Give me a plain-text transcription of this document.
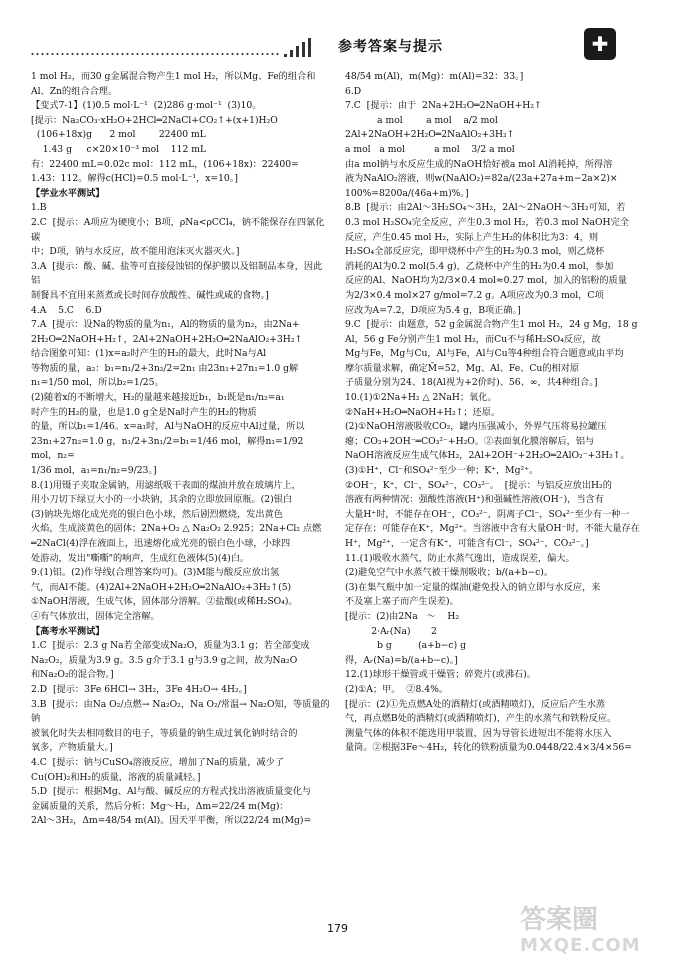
参考答案与提示	✚

1 mol H₂，而30 g金属混合物产生1 mol H₂，所以Mg、Fe的组合和

Al、Zn的组合合理。

【变式7-1】(1)0.5 mol·L⁻¹  (2)286 g·mol⁻¹  (3)10。

[提示：Na₂CO₃·xH₂O+2HCl═2NaCl+CO₂↑+(x+1)H₂O

(106+18x)g      2 mol        22400 mL

1.43 g     c×20×10⁻³ mol    112 mL

有：22400 mL=0.02c mol：112 mL，(106+18x)：22400=

1.43：112。解得c(HCl)=0.5 mol·L⁻¹，x=10。]

【学业水平测试】

1.B

2.C  [提示：A项应为硬度小；B项，ρNa<ρCCl₄，钠不能保存在四氯化碳

中；D项，钠与水反应，故不能用泡沫灭火器灭火。]

3.A  [提示：酸、碱、盐等可直接侵蚀铝的保护膜以及铝制品本身，因此铝

制餐具不宜用来蒸煮或长时间存放酸性、碱性或咸的食物。]

4.A    5.C    6.D

7.A  [提示：设Na的物质的量为n₁，Al的物质的量为n₂，由2Na+

2H₂O═2NaOH+H₂↑，2Al+2NaOH+2H₂O═2NaAlO₂+3H₂↑

结合图象可知：(1)x=a₂时产生的H₂的最大，此时Na与Al

等物质的量，a₂：b₁=n₁/2+3n₂/2=2n₁ 由23n₁+27n₁=1.0 g解

n₁=1/50 mol，所以b₂=1/25。

(2)随着x的不断增大，H₂的量越来越接近b₁，b₁既是n₁/n₂=a₁

时产生的H₂的量，也是1.0 g全是Na时产生的H₂的物质

的量，所以b₁=1/46。x=a₁时，Al与NaOH的反应中Al过量，所以

23n₁+27n₂=1.0 g，n₁/2+3n₁/2=b₁=1/46 mol，解得n₁=1/92 mol，n₂=

1/36 mol，a₁=n₁/n₂=9/23。]

8.(1)用镊子夹取金属钠，用滤纸吸干表面的煤油并放在玻璃片上，

用小刀切下绿豆大小的一小块钠，其余的立即放回原瓶。(2)银白

(3)钠块先熔化成光亮的银白色小球，然后剧烈燃烧，发出黄色

火焰，生成淡黄色的固体；2Na+O₂ △ Na₂O₂ 2.925；2Na+Cl₂ 点燃

═2NaCl(4)浮在液面上，迅速熔化成光亮的银白色小球，小球四

处游动，发出"嘶嘶"的响声，生成红色液体(5)(4)白。

9.(1)铝。(2)作导线(合理答案均可)。(3)M能与酸反应放出氢

气，而Al不能。(4)2Al+2NaOH+2H₂O═2NaAlO₂+3H₂↑(5)

①NaOH溶液，生成气体，固体部分溶解。②盐酸(或稀H₂SO₄)。

④有气体放出，固体完全溶解。

【高考水平测试】

1.C  [提示：2.3 g Na若全部变成Na₂O，质量为3.1 g；若全部变成

Na₂O₂，质量为3.9 g。3.5 g介于3.1 g与3.9 g之间，故为Na₂O

和Na₂O₂的混合物。]

2.D  [提示：3Fe 6HCl→ 3H₂，3Fe 4H₂O→ 4H₂。]

3.B  [提示：由Na O₂/点燃→ Na₂O₂，Na O₂/常温→ Na₂O知，等质量的钠

被氧化时失去相同数目的电子，等质量的钠生成过氧化钠时结合的

氧多，产物质量大。]

4.C  [提示：钠与CuSO₄溶液反应，增加了Na的质量，减少了

Cu(OH)₂和H₂的质量，溶液的质量减轻。]

5.D  [提示：根据Mg、Al与酸、碱反应的方程式找出溶液质量变化与

金属质量的关系，然后分析：Mg～H₂，Δm=22/24 m(Mg)：

2Al～3H₂，Δm=48/54 m(Al)。因天平平衡，所以22/24 m(Mg)=

48/54 m(Al)，m(Mg)：m(Al)=32：33。]

6.D

7.C  [提示：由于  2Na+2H₂O═2NaOH+H₂↑

a mol        a mol    a/2 mol

2Al+2NaOH+2H₂O═2NaAlO₂+3H₂↑

a mol   a mol          a mol    3/2 a mol

由a mol钠与水反应生成的NaOH恰好被a mol Al消耗掉，所得溶

液为NaAlO₂溶液，则w(NaAlO₂)=82a/(23a+27a+m−2a×2)×

100%=8200a/(46a+m)%。]

8.B  [提示：由2Al～3H₂SO₄～3H₂，2Al～2NaOH～3H₂可知，若

0.3 mol H₂SO₄完全反应，产生0.3 mol H₂，若0.3 mol NaOH完全

反应，产生0.45 mol H₂，实际上产生H₂的体积比为3：4，则

H₂SO₄全部反应完，即甲烧杯中产生的H₂为0.3 mol，则乙烧杯

消耗的Al为0.2 mol(5.4 g)，乙烧杯中产生的H₂为0.4 mol，参加

反应的Al、NaOH均为2/3×0.4 mol≈0.27 mol，加入的铝粉的质量

为2/3×0.4 mol×27 g/mol=7.2 g。A项应改为0.3 mol，C项

应改为A=7.2，D项应为5.4 g，B项正确。]

9.C  [提示：由题意，52 g金属混合物产生1 mol H₂，24 g Mg，18 g

Al，56 g Fe分别产生1 mol H₂，而Cu不与稀H₂SO₄反应，故

Mg与Fe，Mg与Cu，Al与Fe，Al与Cu等4种组合符合题意或由平均

摩尔质量求解，确定M̄=52，Mg、Al、Fe、Cu的相对原

子质量分别为24、18(Al视为+2价时)、56、∞，共4种组合。]

10.(1)①2Na+H₂ △ 2NaH；氧化。

②NaH+H₂O═NaOH+H₂↑；还原。

(2)①NaOH溶液吸收CO₂，罐内压强减小，外界气压将易拉罐压

瘪；CO₂+2OH⁻═CO₃²⁻+H₂O。②表面氧化膜溶解后，铝与

NaOH溶液反应生成气体H₂，2Al+2OH⁻+2H₂O═2AlO₂⁻+3H₂↑。

(3)①H⁺，Cl⁻和SO₄²⁻至少一种；K⁺，Mg²⁺。

②OH⁻，K⁺，Cl⁻，SO₄²⁻，CO₃²⁻。  [提示：与铝反应放出H₂的

溶液有两种情况：强酸性溶液(H⁺)和强碱性溶液(OH⁻)，当含有

大量H⁺时，不能存在OH⁻，CO₃²⁻，阴离子Cl⁻，SO₄²⁻至少有一种一

定存在；可能存在K⁺，Mg²⁺。当溶液中含有大量OH⁻时，不能大量存在

H⁺，Mg²⁺，一定含有K⁺，可能含有Cl⁻，SO₄²⁻，CO₃²⁻。]

11.(1)吸收水蒸气，防止水蒸气逸出，造成误差，偏大。

(2)避免空气中水蒸气被干燥剂吸收；b/(a+b−c)。

(3)在集气瓶中加一定量的煤油(避免投入的钠立即与水反应，来

不及塞上塞子而产生误差)。

[提示：(2)由2Na   ～    H₂

2·Aᵣ(Na)       2

b g         (a+b−c) g

得，Aᵣ(Na)=b/(a+b−c)。]

12.(1)球形干燥管或干燥管；碎瓷片(或沸石)。

(2)①A；甲。  ②8.4%。

[提示：(2)①先点燃A处的酒精灯(或酒精喷灯)，反应后产生水蒸

气，再点燃B处的酒精灯(或酒精喷灯)，产生的水蒸气和铁粉反应。

测量气体的体积不能选用甲装置，因为导管长进短出不能将水压入

量筒。②根据3Fe～4H₂，转化的铁粉质量为0.0448/22.4×3/4×56=

179	答案圈
MXQE.COM
